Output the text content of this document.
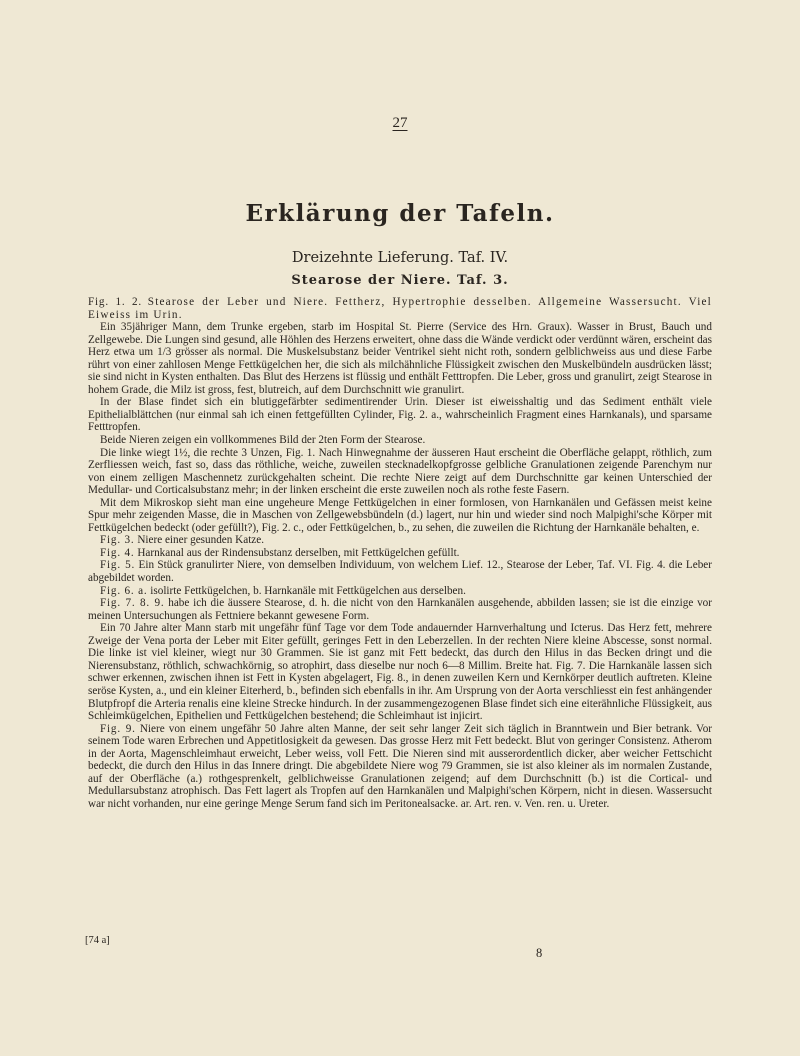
27
Erklärung der Tafeln.
Dreizehnte Lieferung. Taf. IV.
Stearose der Niere. Taf. 3.

Fig. 1. 2. Stearose der Leber und Niere. Fettherz, Hypertrophie desselben. Allgemeine Wassersucht. Viel Eiweiss im Urin.

Ein 35jähriger Mann, dem Trunke ergeben, starb im Hospital St. Pierre (Service des Hrn. Graux). Wasser in Brust, Bauch und Zellgewebe. Die Lungen sind gesund, alle Höhlen des Herzens erweitert, ohne dass die Wände verdickt oder verdünnt wären, erscheint das Herz etwa um 1/3 grösser als normal. Die Muskelsubstanz beider Ventrikel sieht nicht roth, sondern gelblichweiss aus und diese Farbe rührt von einer zahllosen Menge Fettkügelchen her, die sich als milchähnliche Flüssigkeit zwischen den Muskelbündeln ausdrücken lässt; sie sind nicht in Kysten enthalten. Das Blut des Herzens ist flüssig und enthält Fetttropfen. Die Leber, gross und granulirt, zeigt Stearose in hohem Grade, die Milz ist gross, fest, blutreich, auf dem Durchschnitt wie granulirt.

In der Blase findet sich ein blutiggefärbter sedimentirender Urin. Dieser ist eiweisshaltig und das Sediment enthält viele Epithelialblättchen (nur einmal sah ich einen fettgefüllten Cylinder, Fig. 2. a., wahrscheinlich Fragment eines Harnkanals), und sparsame Fetttropfen.

Beide Nieren zeigen ein vollkommenes Bild der 2ten Form der Stearose.

Die linke wiegt 1½, die rechte 3 Unzen, Fig. 1. Nach Hinwegnahme der äusseren Haut erscheint die Oberfläche gelappt, röthlich, zum Zerfliessen weich, fast so, dass das röthliche, weiche, zuweilen stecknadelkopfgrosse gelbliche Granulationen zeigende Parenchym nur von einem zelligen Maschennetz zurückgehalten scheint. Die rechte Niere zeigt auf dem Durchschnitte gar keinen Unterschied der Medullar- und Corticalsubstanz mehr; in der linken erscheint die erste zuweilen noch als rothe feste Fasern.

Mit dem Mikroskop sieht man eine ungeheure Menge Fettkügelchen in einer formlosen, von Harnkanälen und Gefässen meist keine Spur mehr zeigenden Masse, die in Maschen von Zellgewebsbündeln (d.) lagert, nur hin und wieder sind noch Malpighi'sche Körper mit Fettkügelchen bedeckt (oder gefüllt?), Fig. 2. c., oder Fettkügelchen, b., zu sehen, die zuweilen die Richtung der Harnkanäle behalten, e.

Fig. 3. Niere einer gesunden Katze.

Fig. 4. Harnkanal aus der Rindensubstanz derselben, mit Fettkügelchen gefüllt.

Fig. 5. Ein Stück granulirter Niere, von demselben Individuum, von welchem Lief. 12., Stearose der Leber, Taf. VI. Fig. 4. die Leber abgebildet worden.

Fig. 6. a. isolirte Fettkügelchen, b. Harnkanäle mit Fettkügelchen aus derselben.

Fig. 7. 8. 9. habe ich die äussere Stearose, d. h. die nicht von den Harnkanälen ausgehende, abbilden lassen; sie ist die einzige vor meinen Untersuchungen als Fettniere bekannt gewesene Form.

Ein 70 Jahre alter Mann starb mit ungefähr fünf Tage vor dem Tode andauernder Harnverhaltung und Icterus. Das Herz fett, mehrere Zweige der Vena porta der Leber mit Eiter gefüllt, geringes Fett in den Leberzellen. In der rechten Niere kleine Abscesse, sonst normal. Die linke ist viel kleiner, wiegt nur 30 Grammen. Sie ist ganz mit Fett bedeckt, das durch den Hilus in das Becken dringt und die Nierensubstanz, röthlich, schwachkörnig, so atrophirt, dass dieselbe nur noch 6—8 Millim. Breite hat. Fig. 7. Die Harnkanäle lassen sich schwer erkennen, zwischen ihnen ist Fett in Kysten abgelagert, Fig. 8., in denen zuweilen Kern und Kernkörper deutlich auftreten. Kleine seröse Kysten, a., und ein kleiner Eiterherd, b., befinden sich ebenfalls in ihr. Am Ursprung von der Aorta verschliesst ein fest anhängender Blutpfropf die Arteria renalis eine kleine Strecke hindurch. In der zusammengezogenen Blase findet sich eine eiterähnliche Flüssigkeit, aus Schleimkügelchen, Epithelien und Fettkügelchen bestehend; die Schleimhaut ist injicirt.

Fig. 9. Niere von einem ungefähr 50 Jahre alten Manne, der seit sehr langer Zeit sich täglich in Branntwein und Bier betrank. Vor seinem Tode waren Erbrechen und Appetitlosigkeit da gewesen. Das grosse Herz mit Fett bedeckt. Blut von geringer Consistenz. Atherom in der Aorta, Magenschleimhaut erweicht, Leber weiss, voll Fett. Die Nieren sind mit ausserordentlich dicker, aber weicher Fettschicht bedeckt, die durch den Hilus in das Innere dringt. Die abgebildete Niere wog 79 Grammen, sie ist also kleiner als im normalen Zustande, auf der Oberfläche (a.) rothgesprenkelt, gelblichweisse Granulationen zeigend; auf dem Durchschnitt (b.) ist die Cortical- und Medullarsubstanz atrophisch. Das Fett lagert als Tropfen auf den Harnkanälen und Malpighi'schen Körpern, nicht in diesen. Wassersucht war nicht vorhanden, nur eine geringe Menge Serum fand sich im Peritonealsacke. ar. Art. ren. v. Ven. ren. u. Ureter.

[74 a]
8
